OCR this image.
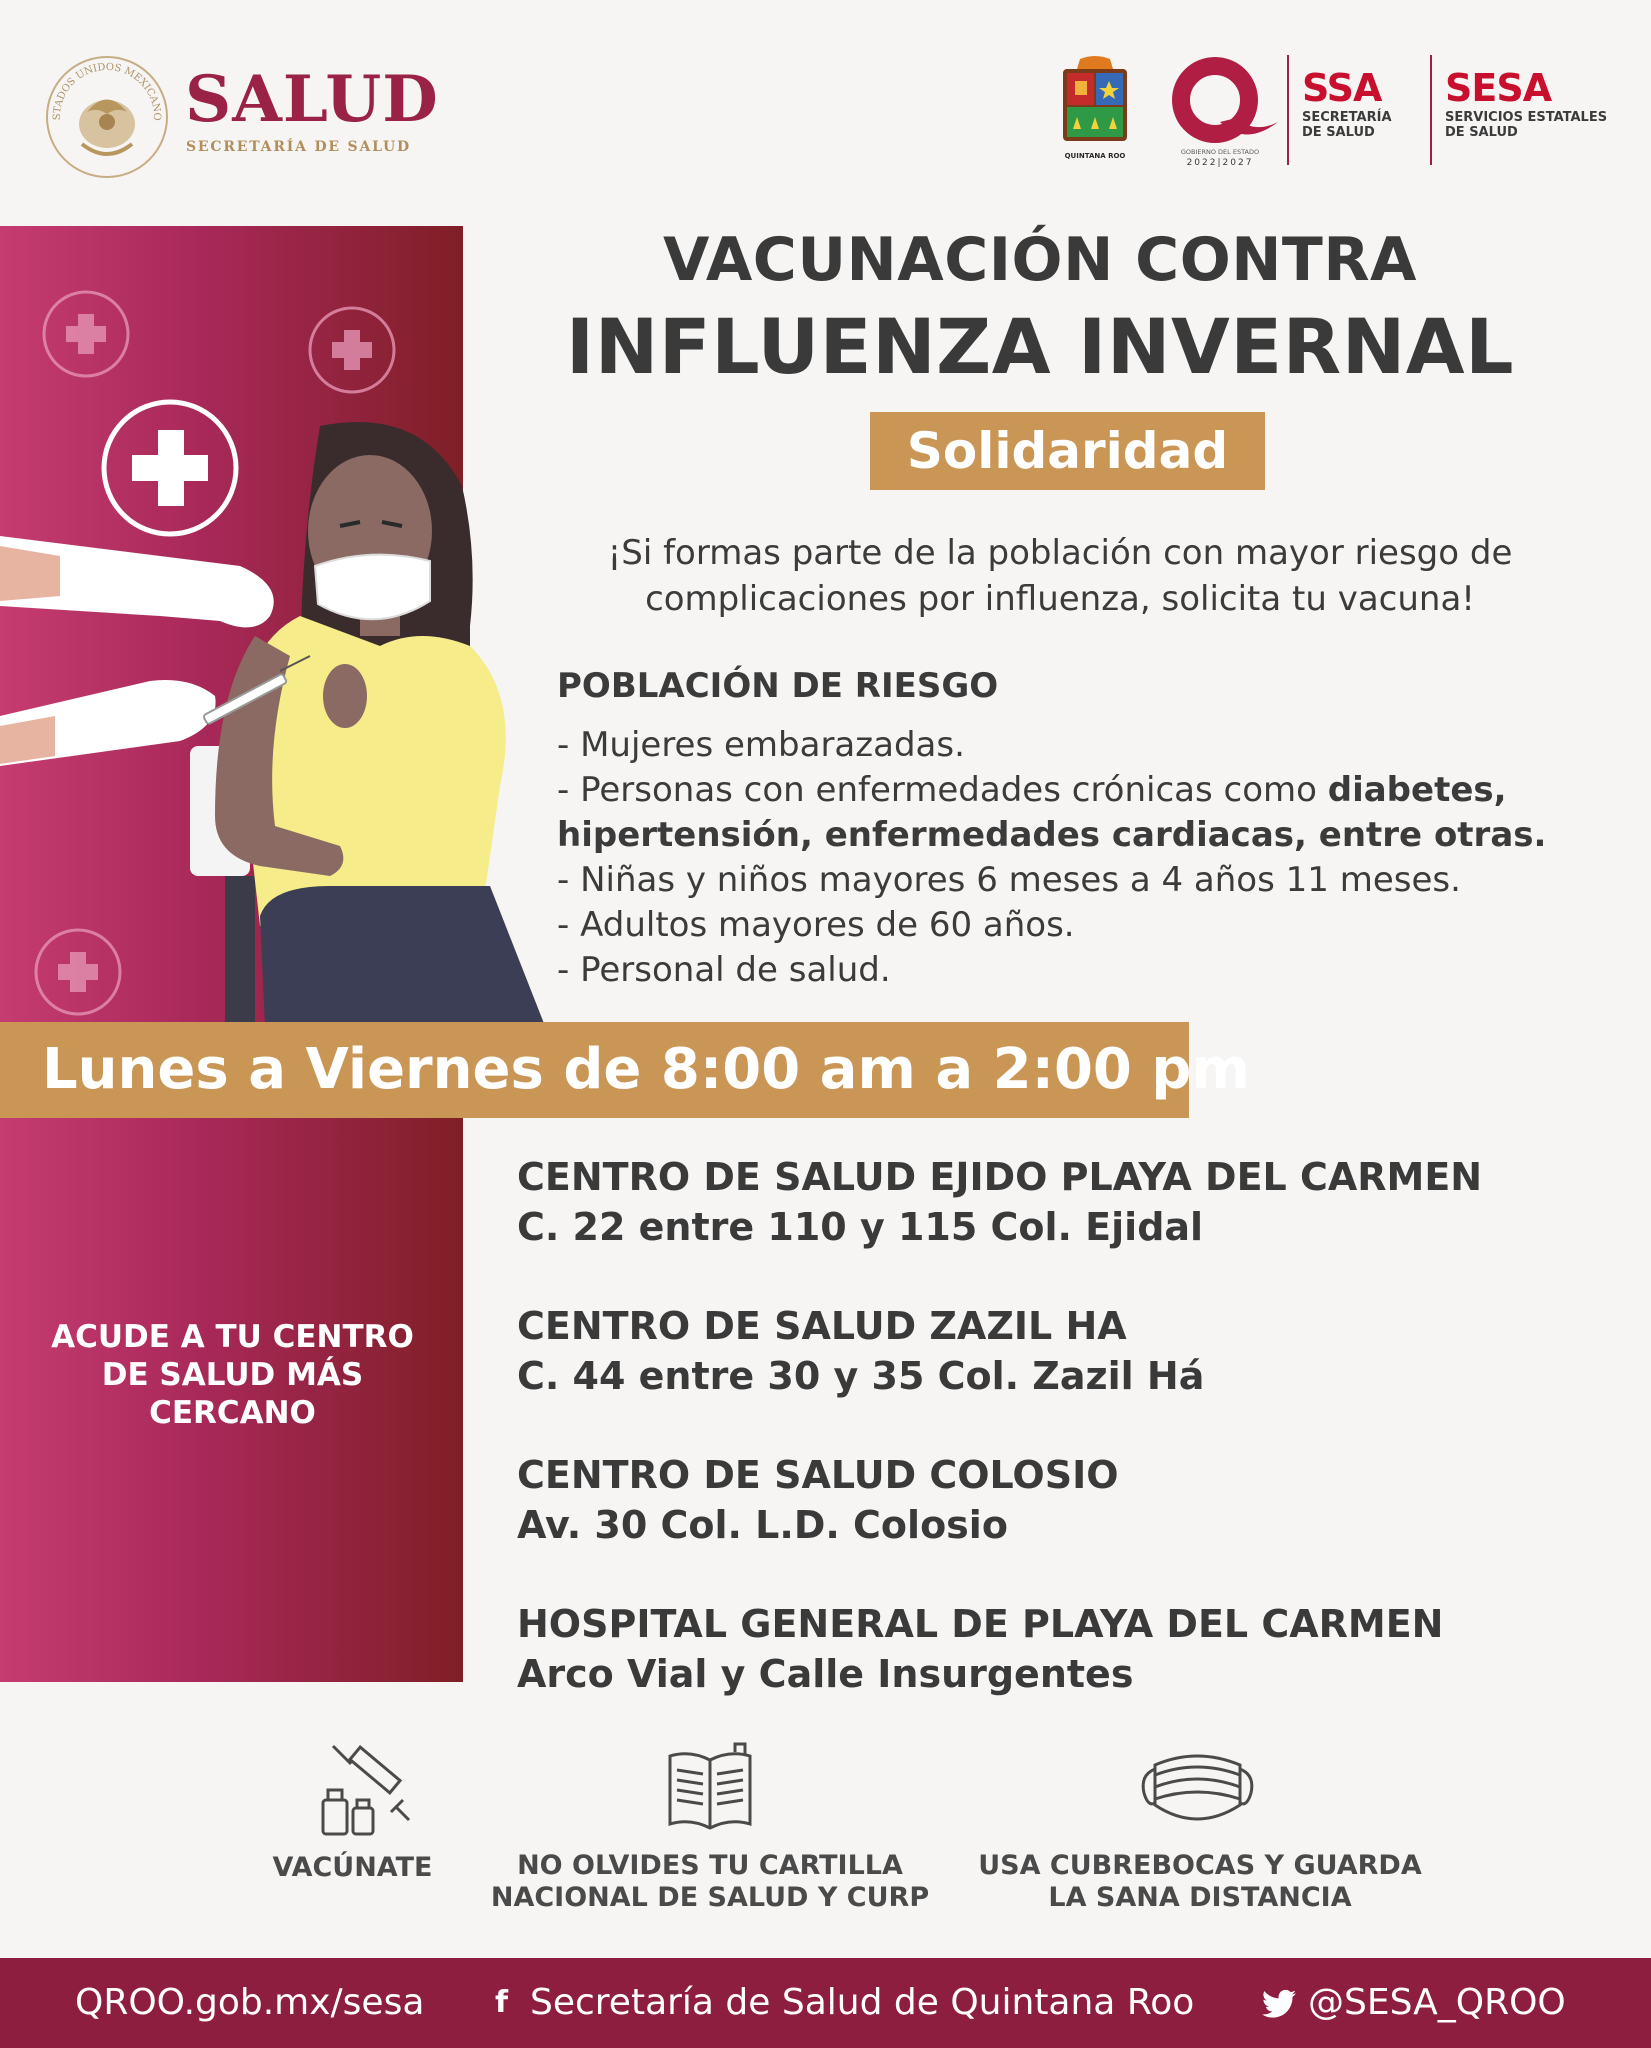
STADOS UNIDOS MEXICANO SALUD
SECRETARÍA DE SALUD
QUINTANA ROO	GOBIERNO DEL ESTADO
2022|2027
SSA
SECRETARÍA
DE SALUD
SESA
SERVICIOS ESTATALES
DE SALUD
ACUDE A TU CENTRO
DE SALUD MÁS
CERCANO
VACUNACIÓN CONTRA
INFLUENZA INVERNAL
Solidaridad
¡Si formas parte de la población con mayor riesgo de
complicaciones por influenza, solicita tu vacuna!
POBLACIÓN DE RIESGO
- Mujeres embarazadas.
- Personas con enfermedades crónicas como diabetes,
hipertensión, enfermedades cardiacas, entre otras.
- Niñas y niños mayores 6 meses a 4 años 11 meses.
- Adultos mayores de 60 años.
- Personal de salud.
Lunes a Viernes de 8:00 am a 2:00 pm
CENTRO DE SALUD EJIDO PLAYA DEL CARMEN
C. 22 entre 110 y 115 Col. Ejidal
CENTRO DE SALUD ZAZIL HA
C. 44 entre 30 y 35 Col. Zazil Há
CENTRO DE SALUD COLOSIO
Av. 30 Col. L.D. Colosio
HOSPITAL GENERAL DE PLAYA DEL CARMEN
Arco Vial y Calle Insurgentes
VACÚNATE	NO OLVIDES TU CARTILLA
NACIONAL DE SALUD Y CURP
USA CUBREBOCAS Y GUARDA
LA SANA DISTANCIA
QROO.gob.mx/sesa f Secretaría de Salud de Quintana Roo	@SESA_QROO
